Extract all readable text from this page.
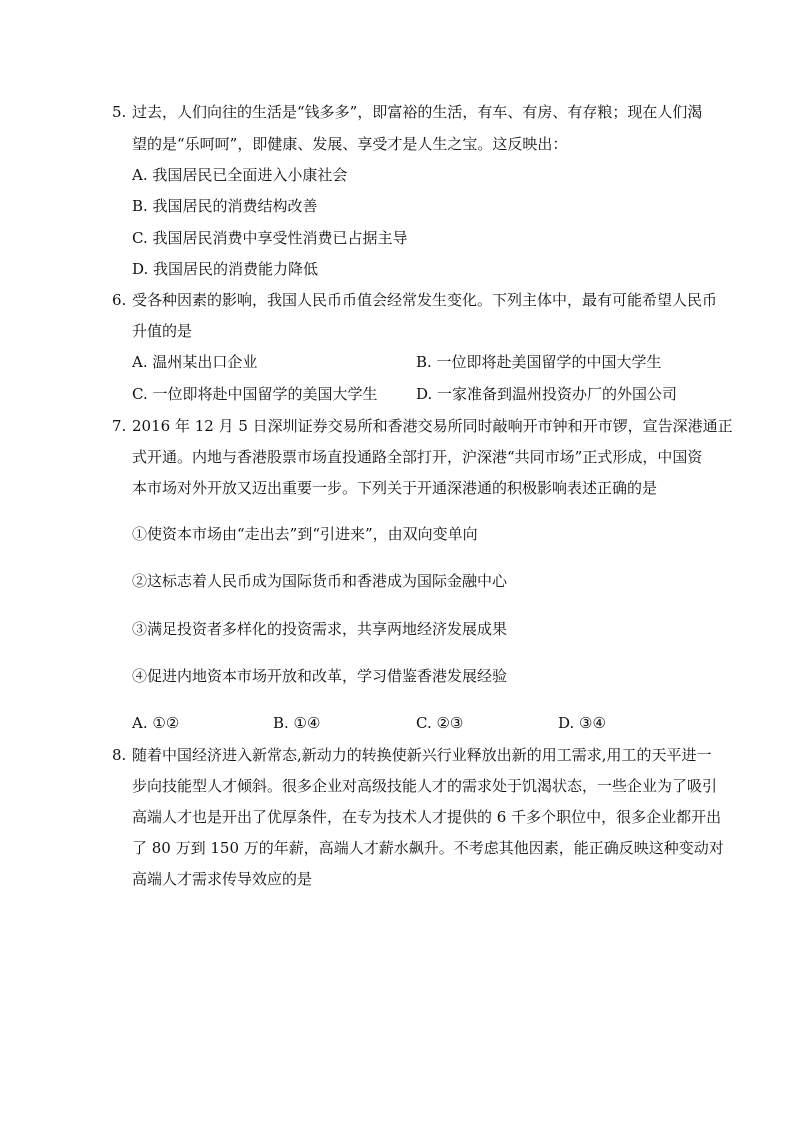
5. 过去，人们向往的生活是“钱多多”，即富裕的生活，有车、有房、有存粮；现在人们渴
望的是“乐呵呵”，即健康、发展、享受才是人生之宝。这反映出：
A. 我国居民已全面进入小康社会
B. 我国居民的消费结构改善
C. 我国居民消费中享受性消费已占据主导
D. 我国居民的消费能力降低
6. 受各种因素的影响，我国人民币币值会经常发生变化。下列主体中，最有可能希望人民币
升值的是
A. 温州某出口企业	B. 一位即将赴美国留学的中国大学生
C. 一位即将赴中国留学的美国大学生	D. 一家准备到温州投资办厂的外国公司
7. 2016 年 12 月 5 日深圳证券交易所和香港交易所同时敲响开市钟和开市锣，宣告深港通正
式开通。内地与香港股票市场直投通路全部打开，沪深港“共同市场”正式形成，中国资
本市场对外开放又迈出重要一步。下列关于开通深港通的积极影响表述正确的是
①使资本市场由“走出去”到“引进来”，由双向变单向
②这标志着人民币成为国际货币和香港成为国际金融中心
③满足投资者多样化的投资需求，共享两地经济发展成果
④促进内地资本市场开放和改革，学习借鉴香港发展经验
A. ①②	B. ①④	C. ②③	D. ③④
8. 随着中国经济进入新常态,新动力的转换使新兴行业释放出新的用工需求,用工的天平进一
步向技能型人才倾斜。很多企业对高级技能人才的需求处于饥渴状态，一些企业为了吸引
高端人才也是开出了优厚条件，在专为技术人才提供的 6 千多个职位中，很多企业都开出
了 80 万到 150 万的年薪，高端人才薪水飙升。不考虑其他因素，能正确反映这种变动对
高端人才需求传导效应的是
